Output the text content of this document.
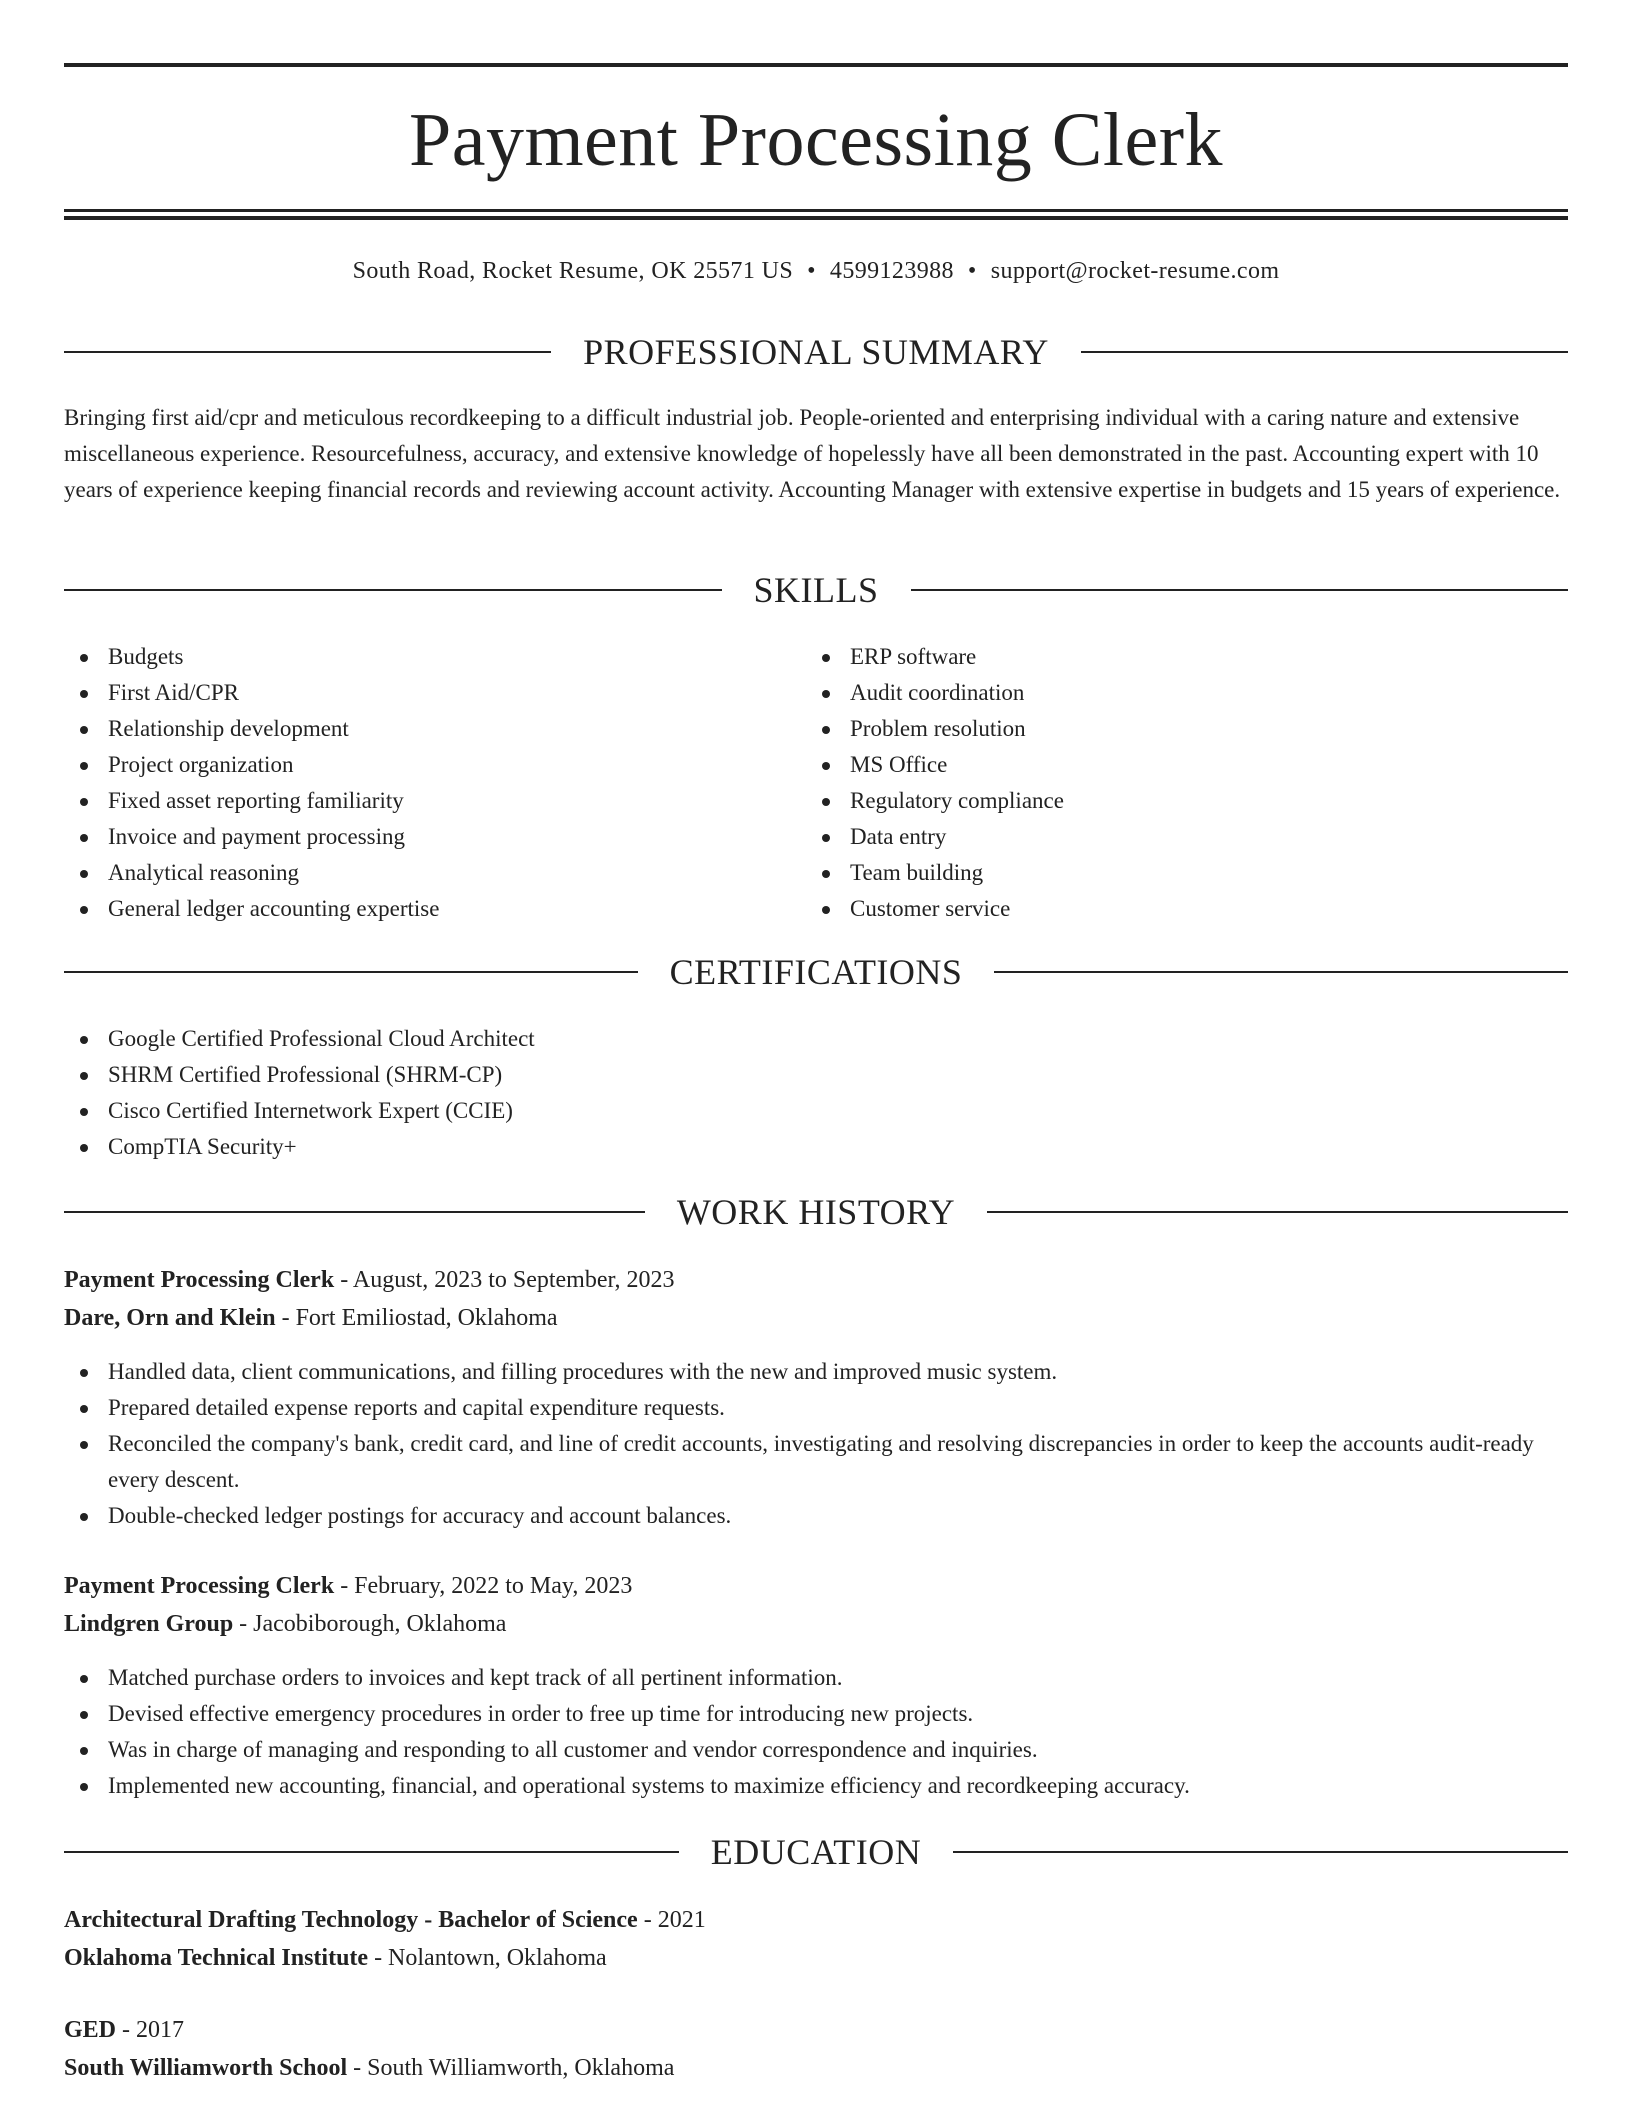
Payment Processing Clerk
South Road, Rocket Resume, OK 25571 US • 4599123988 • support@rocket-resume.com
PROFESSIONAL SUMMARY

Bringing first aid/cpr and meticulous recordkeeping to a difficult industrial job. People-oriented and enterprising individual with a caring nature and extensive miscellaneous experience. Resourcefulness, accuracy, and extensive knowledge of hopelessly have all been demonstrated in the past. Accounting expert with 10 years of experience keeping financial records and reviewing account activity. Accounting Manager with extensive expertise in budgets and 15 years of experience.

SKILLS
Budgets
First Aid/CPR
Relationship development
Project organization
Fixed asset reporting familiarity
Invoice and payment processing
Analytical reasoning
General ledger accounting expertise
ERP software
Audit coordination
Problem resolution
MS Office
Regulatory compliance
Data entry
Team building
Customer service
CERTIFICATIONS
Google Certified Professional Cloud Architect
SHRM Certified Professional (SHRM-CP)
Cisco Certified Internetwork Expert (CCIE)
CompTIA Security+
WORK HISTORY
Payment Processing Clerk - August, 2023 to September, 2023
Dare, Orn and Klein - Fort Emiliostad, Oklahoma
Handled data, client communications, and filling procedures with the new and improved music system.
Prepared detailed expense reports and capital expenditure requests.
Reconciled the company's bank, credit card, and line of credit accounts, investigating and resolving discrepancies in order to keep the accounts audit-ready every descent.
Double-checked ledger postings for accuracy and account balances.
Payment Processing Clerk - February, 2022 to May, 2023
Lindgren Group - Jacobiborough, Oklahoma
Matched purchase orders to invoices and kept track of all pertinent information.
Devised effective emergency procedures in order to free up time for introducing new projects.
Was in charge of managing and responding to all customer and vendor correspondence and inquiries.
Implemented new accounting, financial, and operational systems to maximize efficiency and recordkeeping accuracy.
EDUCATION
Architectural Drafting Technology - Bachelor of Science - 2021
Oklahoma Technical Institute - Nolantown, Oklahoma
GED - 2017
South Williamworth School - South Williamworth, Oklahoma
